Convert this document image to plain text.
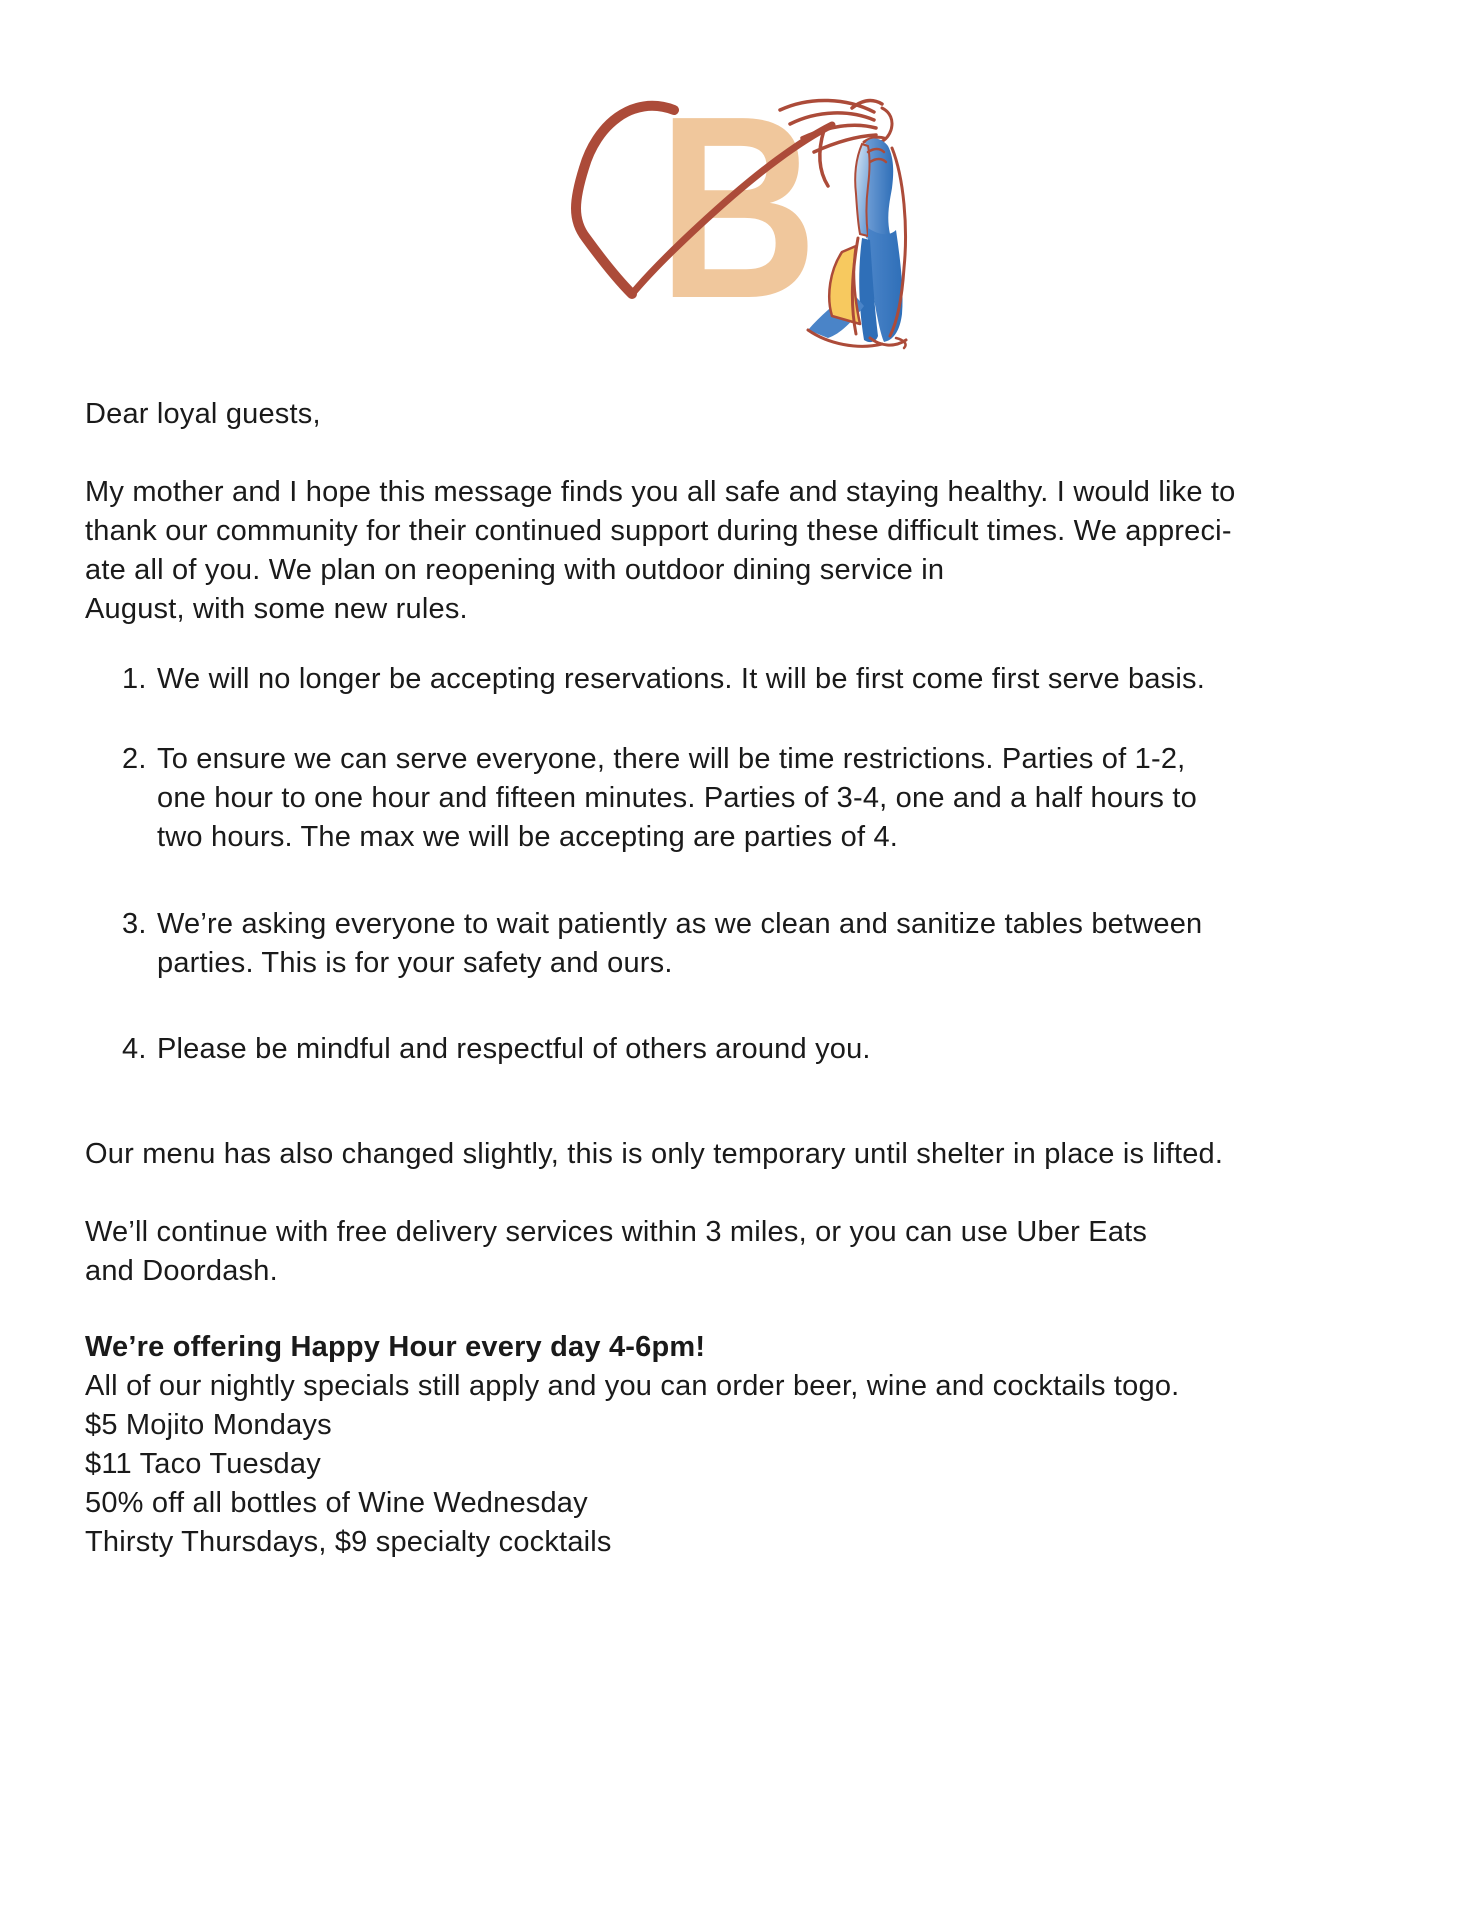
B
Dear loyal guests,
My mother and I hope this message finds you all safe and staying healthy. I would like to
thank our community for their continued support during these difficult times. We appreci-
ate all of you. We plan on reopening with outdoor dining service in
August, with some new rules.
1. We will no longer be accepting reservations. It will be first come first serve basis.
2. To ensure we can serve everyone, there will be time restrictions. Parties of 1-2,
one hour to one hour and fifteen minutes. Parties of 3-4, one and a half hours to
two hours. The max we will be accepting are parties of 4.
3. We’re asking everyone to wait patiently as we clean and sanitize tables between
parties. This is for your safety and ours.
4. Please be mindful and respectful of others around you.
Our menu has also changed slightly, this is only temporary until shelter in place is lifted.
We’ll continue with free delivery services within 3 miles, or you can use Uber Eats
and Doordash.
We’re offering Happy Hour every day 4-6pm!
All of our nightly specials still apply and you can order beer, wine and cocktails togo.
$5 Mojito Mondays
$11 Taco Tuesday
50% off all bottles of Wine Wednesday
Thirsty Thursdays, $9 specialty cocktails
